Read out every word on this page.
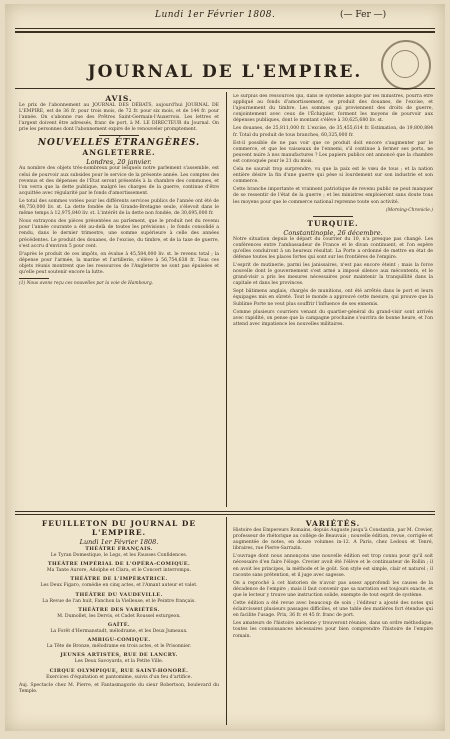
Lundi 1er Février 1808.	(— Fer —)
JOURNAL DE L'EMPIRE.
AVIS.

Le prix de l'abonnement au JOURNAL DES DÉBATS, aujourd'hui JOURNAL DE L'EMPIRE, est de 36 fr. pour trois mois, de 72 fr. pour six mois, et de 144 fr. pour l'année. On s'abonne rue des Prêtres Saint-Germain-l'Auxerrois. Les lettres et l'argent doivent être adressés, franc de port, à M. LE DIRECTEUR du Journal. On prie les personnes dont l'abonnement expire de le renouveler promptement.

NOUVELLES ÉTRANGÈRES.
ANGLETERRE.
Londres, 20 janvier.

Au nombre des objets très-nombreux pour lesquels notre parlement s'assemble, est celui de pourvoir aux subsides pour le service de la présente année. Les comptes des revenus et des dépenses de l'État seront présentés à la chambre des communes, et l'on verra que la dette publique, malgré les charges de la guerre, continue d'être acquittée avec régularité par le fonds d'amortissement.

Le total des sommes votées pour les différents services publics de l'année ont été de 48,750,000 liv. st. La dette fondée de la Grande-Bretagne seule, s'élevoit dans le même temps à 12,975,840 liv. st. L'intérêt de la dette non fondée, de 30,695,000 fr.

Nous extrayons des pièces présentées au parlement, que le produit net du revenu pour l'année courante a été au-delà de toutes les prévisions ; le fonds consolidé a rendu, dans le dernier trimestre, une somme supérieure à celle des années précédentes. Le produit des douanes, de l'excise, du timbre, et de la taxe de guerre, s'est accru d'environ 5 pour cent.

D'après le produit de ces impôts, on évalue à 45,584,000 liv. st. le revenu total ; la dépense pour l'armée, la marine et l'artillerie, s'élève à 56,754,638 fr. Tous ces objets réunis montrent que les ressources de l'Angleterre ne sont pas épuisées et qu'elle peut soutenir encore la lutte.

(1) Nous avons reçu ces nouvelles par la voie de Hambourg.

Le surplus des ressources qui, dans le système adopté par les ministres, pourra être appliqué au fonds d'amortissement, se produit des douanes, de l'excise, et l'ajournement du timbre. Les sommes qui proviennent des droits de guerre, conjointement avec ceux de l'Échiquier, forment les moyens de pourvoir aux dépenses publiques, dont le montant s'élève à 30,625,680 liv. st.

Les douanes, de 25,811,000 fr. L'excise, de 35,455,614 fr. Estimation, de 19,800,884 fr. Total du produit de tous branches, 60,325,000 fr.

Est-il possible de ne pas voir que ce produit doit encore s'augmenter par le commerce, et que les vaisseaux de l'ennemi, s'il continue à fermer ses ports, ne peuvent nuire à nos manufactures ? Les papiers publics ont annoncé que la chambre est convoquée pour le 21 du mois.

Cela ne saurait trop surprendre, vu que la paix est le vœu de tous ; et la nation entière désire la fin d'une guerre qui pèse si lourdement sur son industrie et son commerce.

Cette branche importante et vraiment patriotique de revenu public ne peut manquer de se ressentir de l'état de la guerre ; et les ministres emploieront sans doute tous les moyens pour que le commerce national reprenne toute son activité.

(Morning-Chronicle.)
TURQUIE.
Constantinople, 26 décembre.

Notre situation depuis le départ du courrier du 10, n'a presque pas changé. Les conférences entre l'ambassadeur de France et le divan continuent, et l'on espère qu'elles conduiront à un heureux résultat. La Porte a ordonné de mettre en état de défense toutes les places fortes qui sont sur les frontières de l'empire.

L'esprit de mutinerie, parmi les janissaires, n'est pas encore éteint ; mais la force nouvelle dont le gouvernement s'est armé a imposé silence aux mécontents, et le grand-visir a pris les mesures nécessaires pour maintenir la tranquillité dans la capitale et dans les provinces.

Sept bâtimens anglais, chargés de munitions, ont été arrêtés dans le port et leurs équipages mis en sûreté. Tout le monde a approuvé cette mesure, qui prouve que la Sublime Porte ne veut plus souffrir l'influence de ses ennemis.

Comme plusieurs courriers venant du quartier-général du grand-visir sont arrivés avec rapidité, on pense que la campagne prochaine s'ouvrira de bonne heure, et l'on attend avec impatience les nouvelles militaires.

FEUILLETON DU JOURNAL DE L'EMPIRE.
Lundi 1er Février 1808.
THÉÂTRE FRANÇAIS.
Le Tyran Domestique, le Legs, et les Fausses Confidences.
THÉÂTRE IMPÉRIAL DE L'OPÉRA-COMIQUE.
Ma Tante Aurore, Adolphe et Clara, et le Concert interrompu.
THÉÂTRE DE L'IMPÉRATRICE.
Les Deux Figaro, comédie en cinq actes, et l'Amant auteur et valet.
THÉÂTRE DU VAUDEVILLE.
La Revue de l'an huit, Fanchon la Vielleuse, et le Peintre français.
THÉÂTRE DES VARIÉTÉS.
M. Dumollet, les Dervis, et Cadet Roussel esturgeon.
GAÎTÉ.
La Forêt d'Hermanstadt, mélodrame, et les Deux Jumeaux.
AMBIGU-COMIQUE.
La Tête de Bronze, mélodrame en trois actes, et le Prisonnier.
JEUNES ARTISTES, RUE DE LANCRY.
Les Deux Savoyards, et la Petite Ville.
CIRQUE OLYMPIQUE, RUE SAINT-HONORÉ.
Exercices d'équitation et pantomime, suivis d'un feu d'artifice.
Auj. Spectacle chez M. Pierre, et Fantasmagorie du sieur Robertson, boulevard du Temple.
VARIÉTÉS.

Histoire des Empereurs Romains, depuis Auguste jusqu'à Constantin, par M. Crevier, professeur de rhétorique au collège de Beauvais ; nouvelle édition, revue, corrigée et augmentée de notes, en douze volumes in-12. A Paris, chez Ledoux et Tenré, libraires, rue Pierre-Sarrazin.

L'ouvrage dont nous annonçons une nouvelle édition est trop connu pour qu'il soit nécessaire d'en faire l'éloge. Crevier avoit été l'élève et le continuateur de Rollin ; il en avoit les principes, la méthode et le goût. Son style est simple, clair et naturel ; il raconte sans prétention, et il juge avec sagesse.

On a reproché à cet historien de n'avoir pas assez approfondi les causes de la décadence de l'empire ; mais il faut convenir que sa narration est toujours exacte, et que le lecteur y trouve une instruction solide, exempte de tout esprit de système.

Cette édition a été revue avec beaucoup de soin ; l'éditeur a ajouté des notes qui éclaircissent plusieurs passages difficiles, et une table des matières fort étendue qui en facilite l'usage. Prix, 36 fr. et 45 fr. franc de port.

Les amateurs de l'histoire ancienne y trouveront réunies, dans un ordre méthodique, toutes les connoissances nécessaires pour bien comprendre l'histoire de l'empire romain.
